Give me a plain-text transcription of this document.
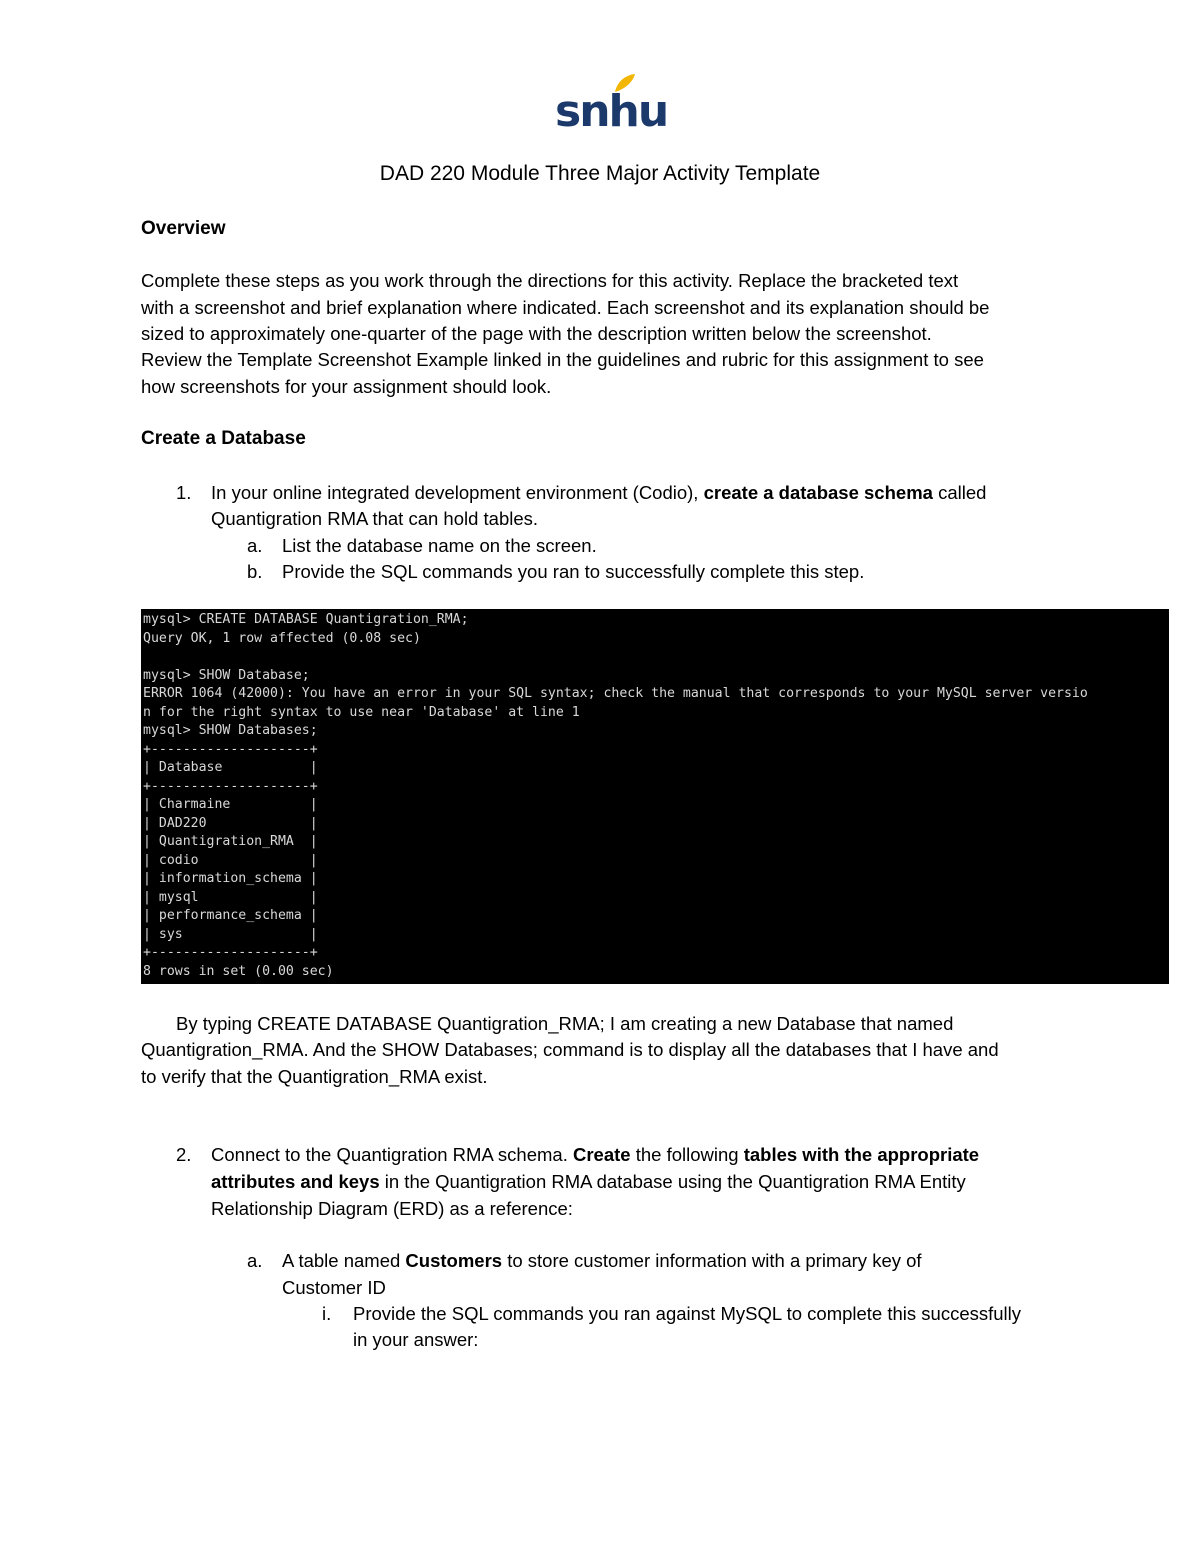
snhu
DAD 220 Module Three Major Activity Template
Overview
Complete these steps as you work through the directions for this activity. Replace the bracketed text
with a screenshot and brief explanation where indicated. Each screenshot and its explanation should be
sized to approximately one-quarter of the page with the description written below the screenshot.
Review the Template Screenshot Example linked in the guidelines and rubric for this assignment to see
how screenshots for your assignment should look.
Create a Database
1. In your online integrated development environment (Codio), create a database schema called
Quantigration RMA that can hold tables.
a. List the database name on the screen.
b. Provide the SQL commands you ran to successfully complete this step.
mysql> CREATE DATABASE Quantigration_RMA;
Query OK, 1 row affected (0.08 sec)
mysql> SHOW Database;
ERROR 1064 (42000): You have an error in your SQL syntax; check the manual that corresponds to your MySQL server versio
n for the right syntax to use near 'Database' at line 1
mysql> SHOW Databases;
+--------------------+
| Database           |
+--------------------+
| Charmaine          |
| DAD220             |
| Quantigration_RMA  |
| codio              |
| information_schema |
| mysql              |
| performance_schema |
| sys                |
+--------------------+
8 rows in set (0.00 sec)
By typing CREATE DATABASE Quantigration_RMA; I am creating a new Database that named
Quantigration_RMA. And the SHOW Databases; command is to display all the databases that I have and
to verify that the Quantigration_RMA exist.
2. Connect to the Quantigration RMA schema. Create the following tables with the appropriate
attributes and keys in the Quantigration RMA database using the Quantigration RMA Entity
Relationship Diagram (ERD) as a reference:
a. A table named Customers to store customer information with a primary key of
Customer ID
i. Provide the SQL commands you ran against MySQL to complete this successfully
in your answer:
